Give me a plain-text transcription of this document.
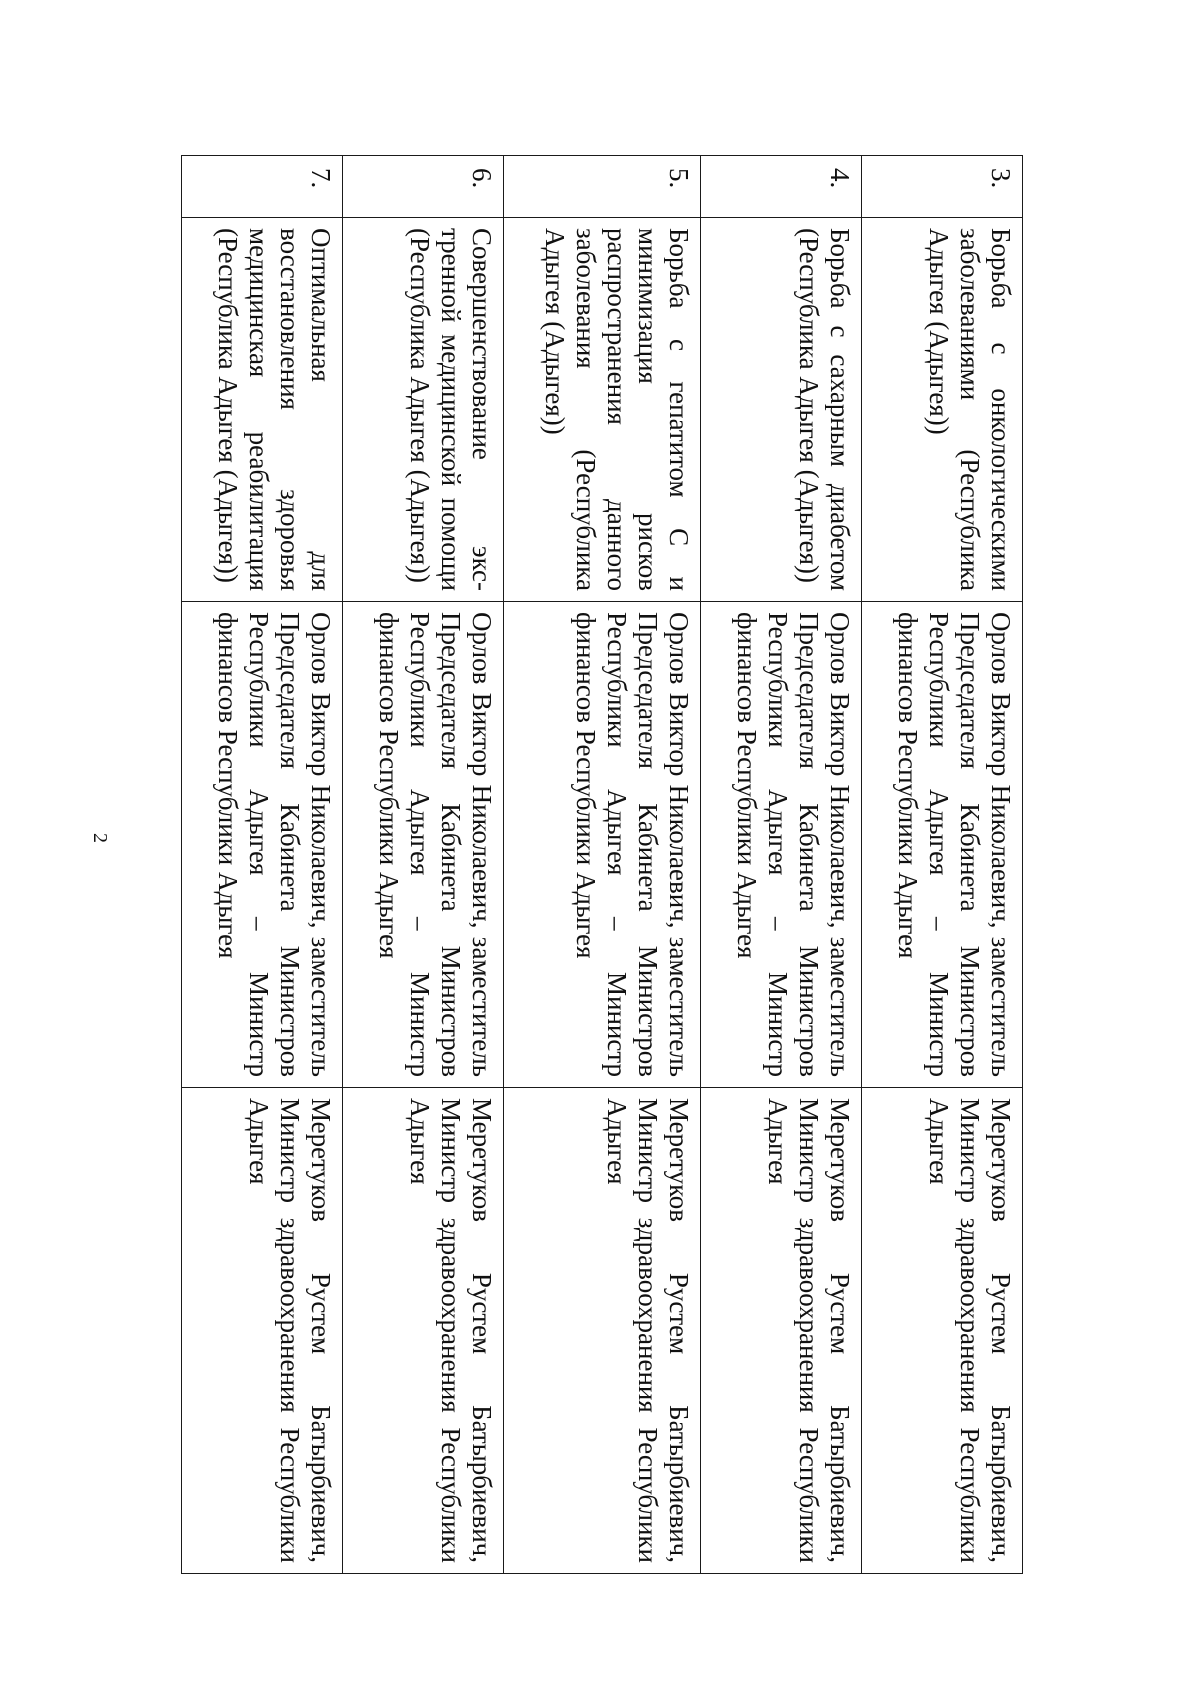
2
3.	Борьба с онкологическими заболеваниями (Республика Адыгея (Адыгея))	Орлов Виктор Николаевич, заместитель Председателя Кабинета Министров Республики Адыгея – Министр финансов Республики Адыгея	Меретуков Рустем Батырбиевич, Министр здравоохранения Республики Адыгея
4.	Борьба с сахарным диабетом (Республика Адыгея (Адыгея))	Орлов Виктор Николаевич, заместитель Председателя Кабинета Министров Республики Адыгея – Министр финансов Республики Адыгея	Меретуков Рустем Батырбиевич, Министр здравоохранения Республики Адыгея
5.	Борьба с гепатитом С и минимизация рисков распространения данного заболевания (Республика Адыгея (Адыгея))	Орлов Виктор Николаевич, заместитель Председателя Кабинета Министров Республики Адыгея – Министр финансов Республики Адыгея	Меретуков Рустем Батырбиевич, Министр здравоохранения Республики Адыгея
6.	Совершенствование экс- тренной медицинской помощи (Республика Адыгея (Адыгея))	Орлов Виктор Николаевич, заместитель Председателя Кабинета Министров Республики Адыгея – Министр финансов Республики Адыгея	Меретуков Рустем Батырбиевич, Министр здравоохранения Республики Адыгея
7.	Оптимальная для восстановления здоровья медицинская реабилитация (Республика Адыгея (Адыгея))	Орлов Виктор Николаевич, заместитель Председателя Кабинета Министров Республики Адыгея – Министр финансов Республики Адыгея	Меретуков Рустем Батырбиевич, Министр здравоохранения Республики Адыгея
